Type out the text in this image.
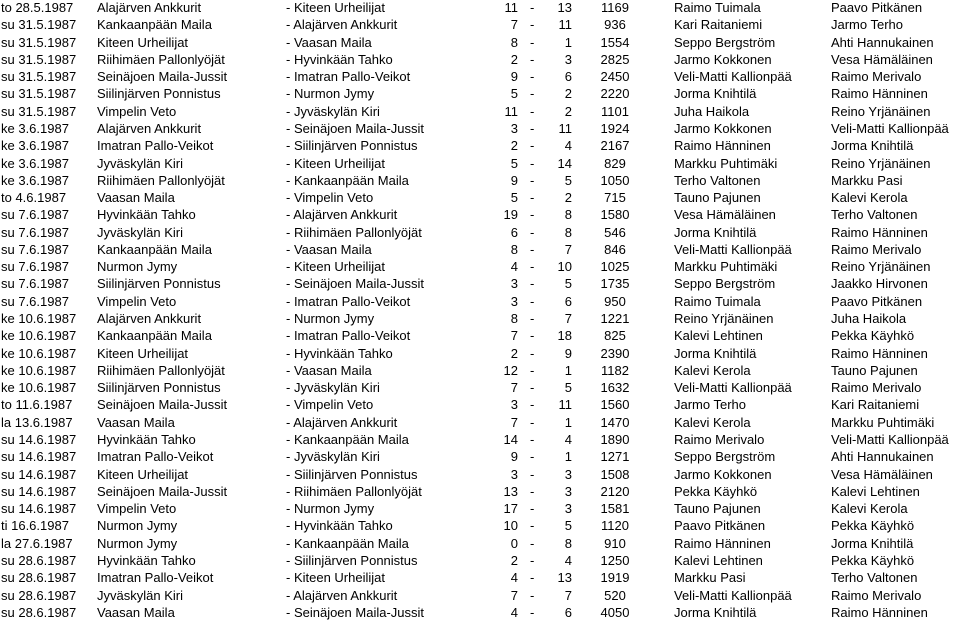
to 28.5.1987 Alajärven Ankkurit	- Kiteen Urheilijat	11 -	13	1169	Raimo Tuimala	Paavo Pitkänen
su 31.5.1987 Kankaanpään Maila	- Alajärven Ankkurit	7 -	11	936	Kari Raitaniemi	Jarmo Terho
su 31.5.1987 Kiteen Urheilijat	- Vaasan Maila	8 -	1	1554	Seppo Bergström	Ahti Hannukainen
su 31.5.1987 Riihimäen Pallonlyöjät	- Hyvinkään Tahko	2 -	3	2825	Jarmo Kokkonen	Vesa Hämäläinen
su 31.5.1987 Seinäjoen Maila-Jussit	- Imatran Pallo-Veikot	9 -	6	2450	Veli-Matti Kallionpää	Raimo Merivalo
su 31.5.1987 Siilinjärven Ponnistus	- Nurmon Jymy	5 -	2	2220	Jorma Knihtilä	Raimo Hänninen
su 31.5.1987 Vimpelin Veto	- Jyväskylän Kiri	11 -	2	1101	Juha Haikola	Reino Yrjänäinen
ke 3.6.1987 Alajärven Ankkurit	- Seinäjoen Maila-Jussit	3 -	11	1924	Jarmo Kokkonen	Veli-Matti Kallionpää
ke 3.6.1987 Imatran Pallo-Veikot	- Siilinjärven Ponnistus	2 -	4	2167	Raimo Hänninen	Jorma Knihtilä
ke 3.6.1987 Jyväskylän Kiri	- Kiteen Urheilijat	5 -	14	829	Markku Puhtimäki	Reino Yrjänäinen
ke 3.6.1987 Riihimäen Pallonlyöjät	- Kankaanpään Maila	9 -	5	1050	Terho Valtonen	Markku Pasi
to 4.6.1987 Vaasan Maila	- Vimpelin Veto	5 -	2	715	Tauno Pajunen	Kalevi Kerola
su 7.6.1987 Hyvinkään Tahko	- Alajärven Ankkurit	19 -	8	1580	Vesa Hämäläinen	Terho Valtonen
su 7.6.1987 Jyväskylän Kiri	- Riihimäen Pallonlyöjät	6 -	8	546	Jorma Knihtilä	Raimo Hänninen
su 7.6.1987 Kankaanpään Maila	- Vaasan Maila	8 -	7	846	Veli-Matti Kallionpää	Raimo Merivalo
su 7.6.1987 Nurmon Jymy	- Kiteen Urheilijat	4 -	10	1025	Markku Puhtimäki	Reino Yrjänäinen
su 7.6.1987 Siilinjärven Ponnistus	- Seinäjoen Maila-Jussit	3 -	5	1735	Seppo Bergström	Jaakko Hirvonen
su 7.6.1987 Vimpelin Veto	- Imatran Pallo-Veikot	3 -	6	950	Raimo Tuimala	Paavo Pitkänen
ke 10.6.1987 Alajärven Ankkurit	- Nurmon Jymy	8 -	7	1221	Reino Yrjänäinen	Juha Haikola
ke 10.6.1987 Kankaanpään Maila	- Imatran Pallo-Veikot	7 -	18	825	Kalevi Lehtinen	Pekka Käyhkö
ke 10.6.1987 Kiteen Urheilijat	- Hyvinkään Tahko	2 -	9	2390	Jorma Knihtilä	Raimo Hänninen
ke 10.6.1987 Riihimäen Pallonlyöjät	- Vaasan Maila	12 -	1	1182	Kalevi Kerola	Tauno Pajunen
ke 10.6.1987 Siilinjärven Ponnistus	- Jyväskylän Kiri	7 -	5	1632	Veli-Matti Kallionpää	Raimo Merivalo
to 11.6.1987 Seinäjoen Maila-Jussit	- Vimpelin Veto	3 -	11	1560	Jarmo Terho	Kari Raitaniemi
la 13.6.1987 Vaasan Maila	- Alajärven Ankkurit	7 -	1	1470	Kalevi Kerola	Markku Puhtimäki
su 14.6.1987 Hyvinkään Tahko	- Kankaanpään Maila	14 -	4	1890	Raimo Merivalo	Veli-Matti Kallionpää
su 14.6.1987 Imatran Pallo-Veikot	- Jyväskylän Kiri	9 -	1	1271	Seppo Bergström	Ahti Hannukainen
su 14.6.1987 Kiteen Urheilijat	- Siilinjärven Ponnistus	3 -	3	1508	Jarmo Kokkonen	Vesa Hämäläinen
su 14.6.1987 Seinäjoen Maila-Jussit	- Riihimäen Pallonlyöjät	13 -	3	2120	Pekka Käyhkö	Kalevi Lehtinen
su 14.6.1987 Vimpelin Veto	- Nurmon Jymy	17 -	3	1581	Tauno Pajunen	Kalevi Kerola
ti 16.6.1987 Nurmon Jymy	- Hyvinkään Tahko	10 -	5	1120	Paavo Pitkänen	Pekka Käyhkö
la 27.6.1987 Nurmon Jymy	- Kankaanpään Maila	0 -	8	910	Raimo Hänninen	Jorma Knihtilä
su 28.6.1987 Hyvinkään Tahko	- Siilinjärven Ponnistus	2 -	4	1250	Kalevi Lehtinen	Pekka Käyhkö
su 28.6.1987 Imatran Pallo-Veikot	- Kiteen Urheilijat	4 -	13	1919	Markku Pasi	Terho Valtonen
su 28.6.1987 Jyväskylän Kiri	- Alajärven Ankkurit	7 -	7	520	Veli-Matti Kallionpää	Raimo Merivalo
su 28.6.1987 Vaasan Maila	- Seinäjoen Maila-Jussit	4 -	6	4050	Jorma Knihtilä	Raimo Hänninen
